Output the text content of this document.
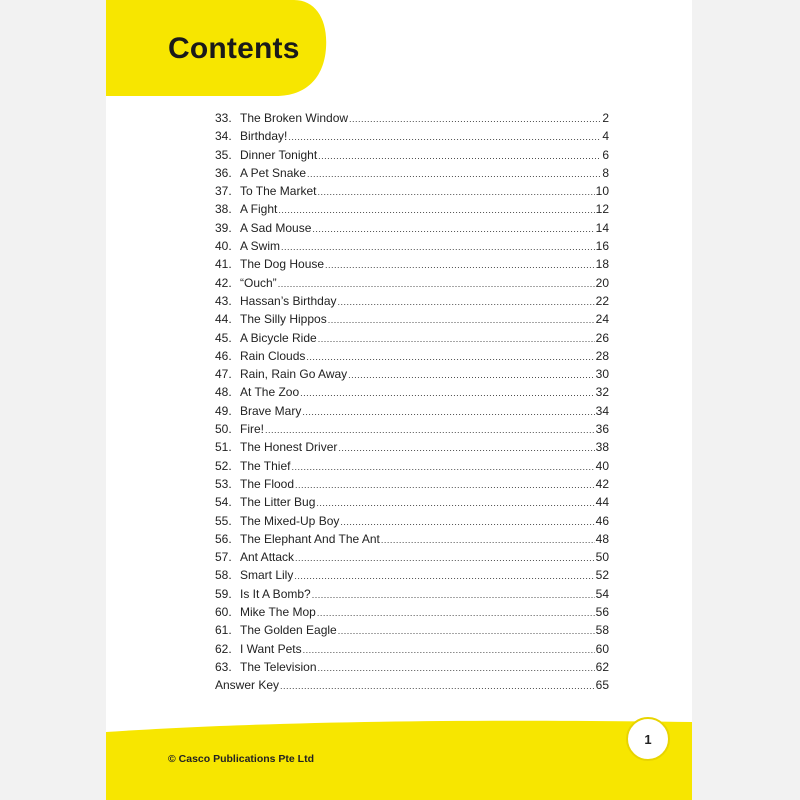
Contents
33. The Broken Window .....	2
34. Birthday! .....	4
35. Dinner Tonight .....	6
36. A Pet Snake .....	8
37. To The Market .....	10
38. A Fight .....	12
39. A Sad Mouse .....	14
40. A Swim .....	16
41. The Dog House .....	18
42. “Ouch” .....	20
43. Hassan’s Birthday .....	22
44. The Silly Hippos .....	24
45. A Bicycle Ride .....	26
46. Rain Clouds .....	28
47. Rain, Rain Go Away .....	30
48. At The Zoo .....	32
49. Brave Mary .....	34
50. Fire! .....	36
51. The Honest Driver .....	38
52. The Thief .....	40
53. The Flood .....	42
54. The Litter Bug .....	44
55. The Mixed-Up Boy .....	46
56. The Elephant And The Ant .....	48
57. Ant Attack .....	50
58. Smart Lily .....	52
59. Is It A Bomb? .....	54
60. Mike The Mop .....	56
61. The Golden Eagle .....	58
62. I Want Pets .....	60
63. The Television .....	62
Answer Key .....	65
1
© Casco Publications Pte Ltd
